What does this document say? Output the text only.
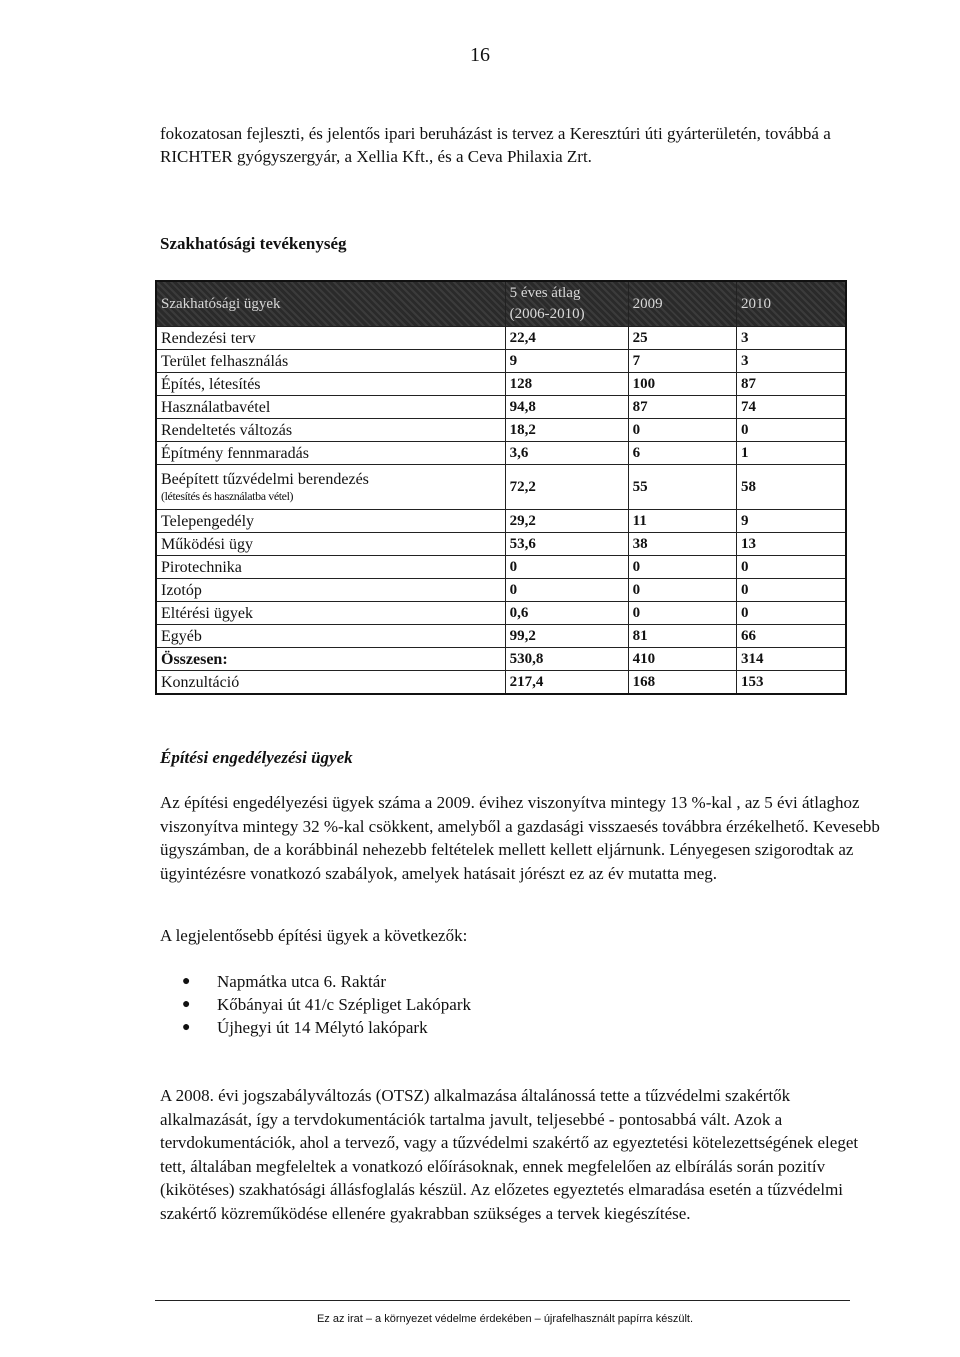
16

fokozatosan fejleszti, és jelentős ipari beruházást is tervez a Keresztúri úti gyárterületén, továbbá a RICHTER gyógyszergyár, a Xellia Kft., és a Ceva Philaxia Zrt.

Szakhatósági tevékenység
Szakhatósági ügyek	5 éves átlag (2006-2010)	2009	2010
Rendezési terv	22,4	25	3
Terület felhasználás	9	7	3
Építés, létesítés	128	100	87
Használatbavétel	94,8	87	74
Rendeltetés változás	18,2	0	0
Építmény fennmaradás	3,6	6	1

Beépített tűzvédelmi berendezés
(létesítés és használatba vétel)	72,2	55	58
Telepengedély	29,2	11	9
Működési ügy	53,6	38	13
Pirotechnika	0	0	0
Izotóp	0	0	0
Eltérési ügyek	0,6	0	0
Egyéb	99,2	81	66
Összesen:	530,8	410	314
Konzultáció	217,4	168	153
Építési engedélyezési ügyek

Az építési engedélyezési ügyek száma a 2009. évihez viszonyítva mintegy 13 %-kal , az 5 évi átlaghoz viszonyítva mintegy 32 %-kal csökkent, amelyből a gazdasági visszaesés továbbra érzékelhető. Kevesebb ügyszámban, de a korábbinál nehezebb feltételek mellett kellett eljárnunk. Lényegesen szigorodtak az ügyintézésre vonatkozó szabályok, amelyek hatásait jórészt ez az év mutatta meg.

A legjelentősebb építési ügyek a következők:

● Napmátka utca 6. Raktár
● Kőbányai út 41/c Szépliget Lakópark
● Újhegyi út 14 Mélytó lakópark

A 2008. évi jogszabályváltozás (OTSZ) alkalmazása általánossá tette a tűzvédelmi szakértők alkalmazását, így a tervdokumentációk tartalma javult, teljesebbé - pontosabbá vált. Azok a tervdokumentációk, ahol a tervező, vagy a tűzvédelmi szakértő az egyeztetési kötelezettségének eleget tett, általában megfeleltek a vonatkozó előírásoknak, ennek megfelelően az elbírálás során pozitív (kikötéses) szakhatósági állásfoglalás készül. Az előzetes egyeztetés elmaradása esetén a tűzvédelmi szakértő közreműködése ellenére gyakrabban szükséges a tervek kiegészítése.

Ez az irat – a környezet védelme érdekében – újrafelhasznált papírra készült.
